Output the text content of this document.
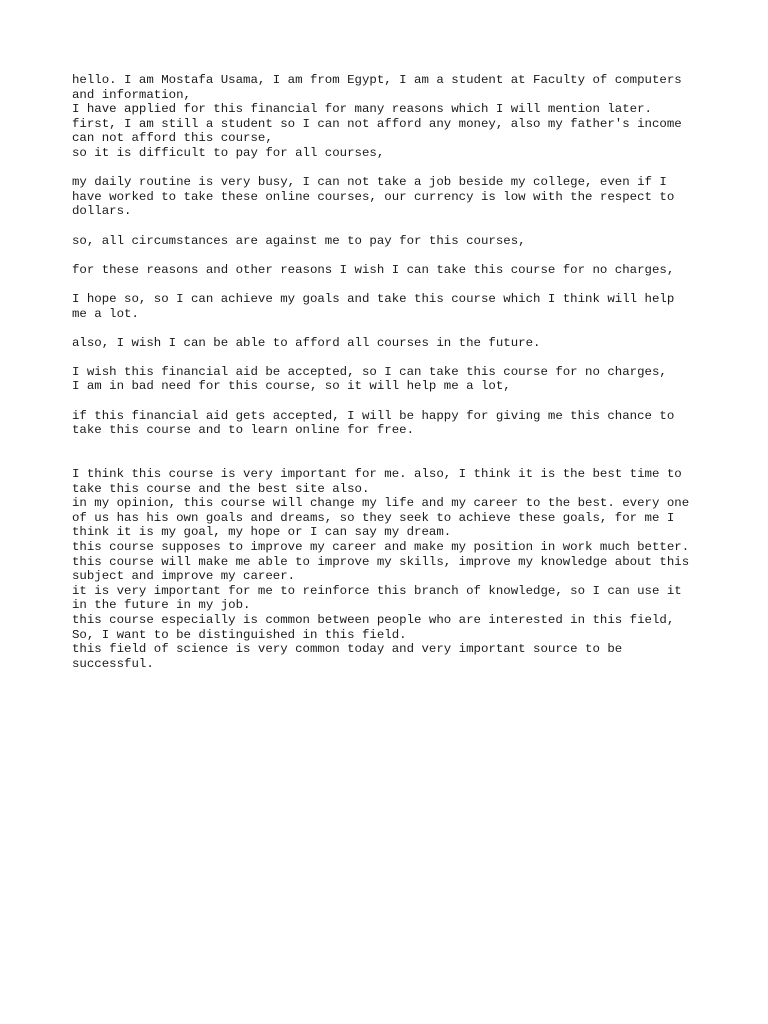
hello. I am Mostafa Usama, I am from Egypt, I am a student at Faculty of computers
and information,
I have applied for this financial for many reasons which I will mention later.
first, I am still a student so I can not afford any money, also my father's income
can not afford this course,
so it is difficult to pay for all courses,
my daily routine is very busy, I can not take a job beside my college, even if I
have worked to take these online courses, our currency is low with the respect to
dollars.
so, all circumstances are against me to pay for this courses,
for these reasons and other reasons I wish I can take this course for no charges,
I hope so, so I can achieve my goals and take this course which I think will help
me a lot.
also, I wish I can be able to afford all courses in the future.
I wish this financial aid be accepted, so I can take this course for no charges,
I am in bad need for this course, so it will help me a lot,
if this financial aid gets accepted, I will be happy for giving me this chance to
take this course and to learn online for free.
I think this course is very important for me. also, I think it is the best time to
take this course and the best site also.
in my opinion, this course will change my life and my career to the best. every one
of us has his own goals and dreams, so they seek to achieve these goals, for me I
think it is my goal, my hope or I can say my dream.
this course supposes to improve my career and make my position in work much better.
this course will make me able to improve my skills, improve my knowledge about this
subject and improve my career.
it is very important for me to reinforce this branch of knowledge, so I can use it
in the future in my job.
this course especially is common between people who are interested in this field,
So, I want to be distinguished in this field.
this field of science is very common today and very important source to be
successful.
